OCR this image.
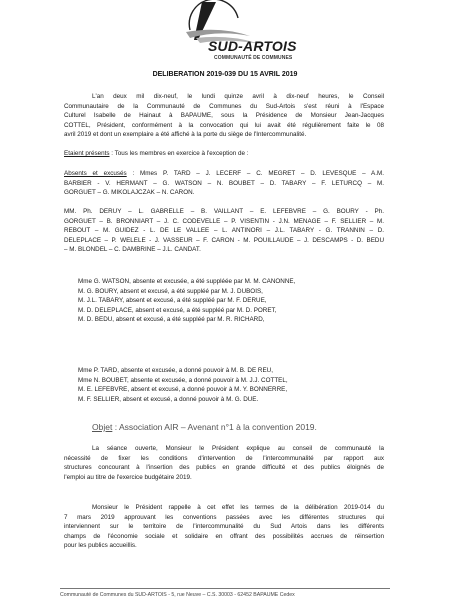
SUD-ARTOIS
COMMUNAUTÉ DE COMMUNES
DELIBERATION 2019-039 DU 15 AVRIL 2019
L'an deux mil dix-neuf, le lundi quinze avril à dix-neuf heures, le Conseil
Communautaire de la Communauté de Communes du Sud-Artois s'est réuni à l'Espace
Culturel Isabelle de Hainaut à BAPAUME, sous la Présidence de Monsieur Jean-Jacques
COTTEL, Président, conformément à la convocation qui lui avait été régulièrement faite le 08
avril 2019 et dont un exemplaire a été affiché à la porte du siège de l'Intercommunalité.
Etaient présents : Tous les membres en exercice à l'exception de :
Absents et excusés : Mmes P. TARD – J. LECERF – C. MEGRET – D. LEVESQUE – A.M.
BARBIER - V. HERMANT – G. WATSON – N. BOUBET – D. TABARY – F. LETURCQ – M.
GORGUET – G. MIKOLAJCZAK – N. CARON.
MM. Ph. DERUY – L. GABRELLE – B. VAILLANT – E. LEFEBVRE – G. BOURY - Ph.
GORGUET – B. BRONNIART – J. C. CODEVELLE – P. VISENTIN - J.N. MENAGE – F. SELLIER – M.
REBOUT – M. GUIDEZ - L. DE LE VALLEE – L. ANTINORI – J.L. TABARY - G. TRANNIN – D.
DELEPLACE – P. WELELE - J. VASSEUR – F. CARON - M. POUILLAUDE – J. DESCAMPS - D. BEDU
– M. BLONDEL – C. DAMBRINE – J.L. CANDAT.
Mme G. WATSON, absente et excusée, a été suppléée par M. M. CANONNE,
M. G. BOURY, absent et excusé, a été suppléé par M. J. DUBOIS,
M. J.L. TABARY, absent et excusé, a été suppléé par M. F. DERUE,
M. D. DELEPLACE, absent et excusé, a été suppléé par M. D. PORET,
M. D. BEDU, absent et excusé, a été suppléé par M. R. RICHARD,
Mme P. TARD, absente et excusée, a donné pouvoir à M. B. DE REU,
Mme N. BOUBET, absente et excusée, a donné pouvoir à M. J.J. COTTEL,
M. E. LEFEBVRE, absent et excusé, a donné pouvoir à M. Y. BONNERRE,
M. F. SELLIER, absent et excusé, a donné pouvoir à M. G. DUE.
Objet : Association AIR – Avenant n°1 à la convention 2019.
La séance ouverte, Monsieur le Président explique au conseil de communauté la
nécessité de fixer les conditions d'intervention de l'intercommunalité par rapport aux
structures concourant à l'insertion des publics en grande difficulté et des publics éloignés de
l'emploi au titre de l'exercice budgétaire 2019.
Monsieur le Président rappelle à cet effet les termes de la délibération 2019-014 du
7 mars 2019 approuvant les conventions passées avec les différentes structures qui
interviennent sur le territoire de l'intercommunalité du Sud Artois dans les différents
champs de l'économie sociale et solidaire en offrant des possibilités accrues de réinsertion
pour les publics accueillis.
Communauté de Communes du SUD-ARTOIS - 5, rue Neuve – C.S. 30003 - 62452 BAPAUME Cedex
